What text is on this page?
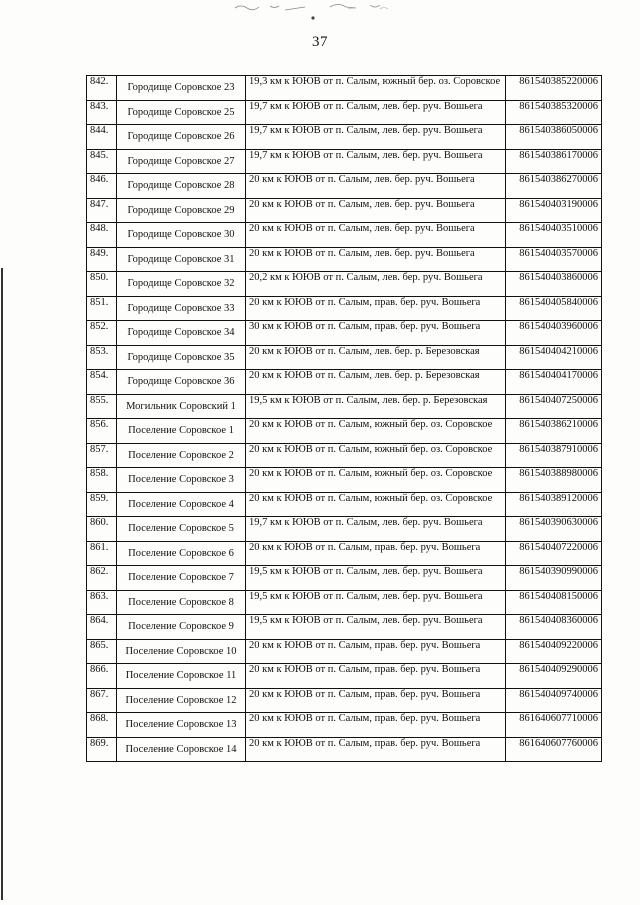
37
842.	Городище Соровское 23	19,3 км к ЮЮВ от п. Салым, южный бер. оз. Соровское	861540385220006
843.	Городище Соровское 25	19,7 км к ЮЮВ от п. Салым, лев. бер. руч. Вошьега	861540385320006
844.	Городище Соровское 26	19,7 км к ЮЮВ от п. Салым, лев. бер. руч. Вошьега	861540386050006
845.	Городище Соровское 27	19,7 км к ЮЮВ от п. Салым, лев. бер. руч. Вошьега	861540386170006
846.	Городище Соровское 28	20 км к ЮЮВ от п. Салым, лев. бер. руч. Вошьега	861540386270006
847.	Городище Соровское 29	20 км к ЮЮВ от п. Салым, лев. бер. руч. Вошьега	861540403190006
848.	Городище Соровское 30	20 км к ЮЮВ от п. Салым, лев. бер. руч. Вошьега	861540403510006
849.	Городище Соровское 31	20 км к ЮЮВ от п. Салым, лев. бер. руч. Вошьега	861540403570006
850.	Городище Соровское 32	20,2 км к ЮЮВ от п. Салым, лев. бер. руч. Вошьега	861540403860006
851.	Городище Соровское 33	20 км к ЮЮВ от п. Салым, прав. бер. руч. Вошьега	861540405840006
852.	Городище Соровское 34	30 км к ЮЮВ от п. Салым, прав. бер. руч. Вошьега	861540403960006
853.	Городище Соровское 35	20 км к ЮЮВ от п. Салым, лев. бер. р. Березовская	861540404210006
854.	Городище Соровское 36	20 км к ЮЮВ от п. Салым, лев. бер. р. Березовская	861540404170006
855.	Могильник Соровский 1	19,5 км к ЮЮВ от п. Салым, лев. бер. р. Березовская	861540407250006
856.	Поселение Соровское 1	20 км к ЮЮВ от п. Салым, южный бер. оз. Соровское	861540386210006
857.	Поселение Соровское 2	20 км к ЮЮВ от п. Салым, южный бер. оз. Соровское	861540387910006
858.	Поселение Соровское 3	20 км к ЮЮВ от п. Салым, южный бер. оз. Соровское	861540388980006
859.	Поселение Соровское 4	20 км к ЮЮВ от п. Салым, южный бер. оз. Соровское	861540389120006
860.	Поселение Соровское 5	19,7 км к ЮЮВ от п. Салым, лев. бер. руч. Вошьега	861540390630006
861.	Поселение Соровское 6	20 км к ЮЮВ от п. Салым, прав. бер. руч. Вошьега	861540407220006
862.	Поселение Соровское 7	19,5 км к ЮЮВ от п. Салым, лев. бер. руч. Вошьега	861540390990006
863.	Поселение Соровское 8	19,5 км к ЮЮВ от п. Салым, лев. бер. руч. Вошьега	861540408150006
864.	Поселение Соровское 9	19,5 км к ЮЮВ от п. Салым, лев. бер. руч. Вошьега	861540408360006
865.	Поселение Соровское 10	20 км к ЮЮВ от п. Салым, прав. бер. руч. Вошьега	861540409220006
866.	Поселение Соровское 11	20 км к ЮЮВ от п. Салым, прав. бер. руч. Вошьега	861540409290006
867.	Поселение Соровское 12	20 км к ЮЮВ от п. Салым, прав. бер. руч. Вошьега	861540409740006
868.	Поселение Соровское 13	20 км к ЮЮВ от п. Салым, прав. бер. руч. Вошьега	861640607710006
869.	Поселение Соровское 14	20 км к ЮЮВ от п. Салым, прав. бер. руч. Вошьега	861640607760006
